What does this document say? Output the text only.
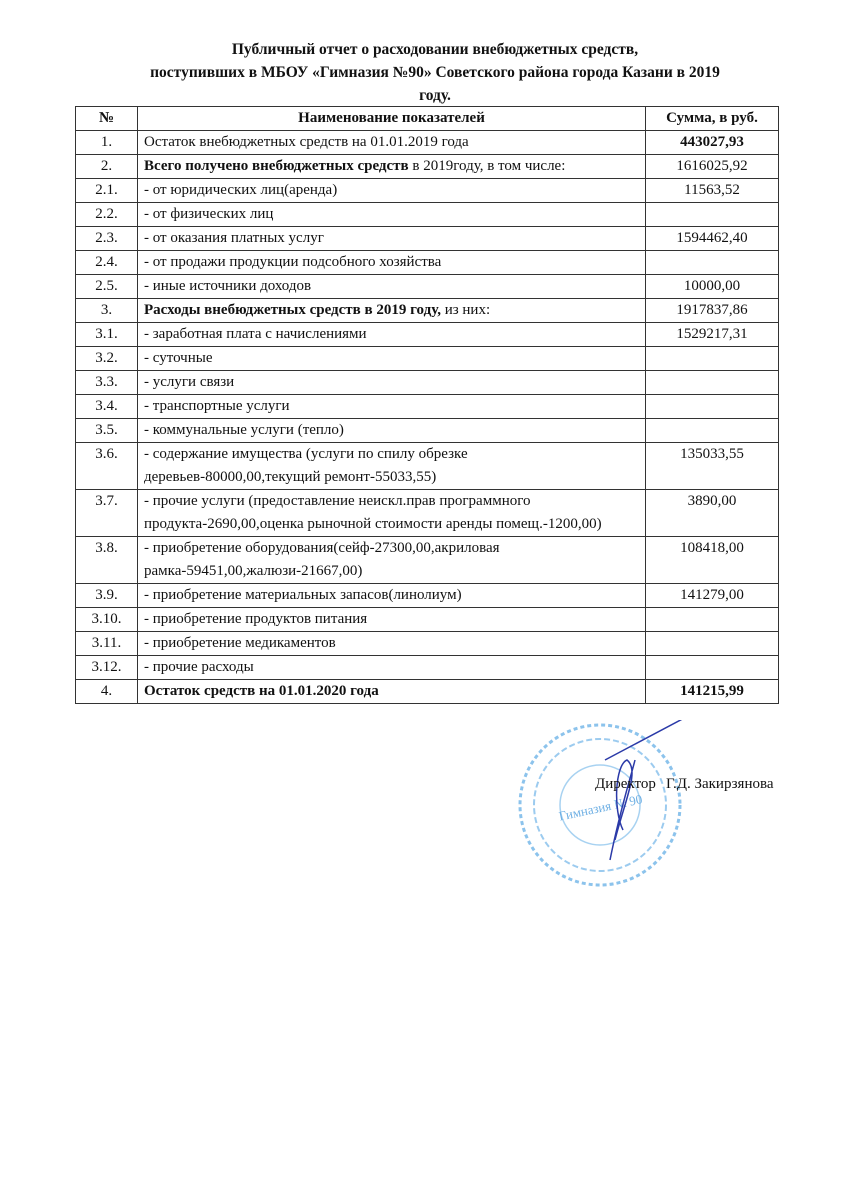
Публичный отчет о расходовании внебюджетных средств,
поступивших в МБОУ «Гимназия №90» Советского района города Казани в 2019
году.
№	Наименование показателей	Сумма, в руб.
1.	Остаток внебюджетных средств на 01.01.2019 года	443027,93
2.	Всего получено внебюджетных средств в 2019году, в том числе:	1616025,92
2.1.	- от юридических лиц(аренда)	11563,52
2.2.	- от физических лиц	
2.3.	- от оказания платных услуг	1594462,40
2.4.	- от продажи продукции подсобного хозяйства	
2.5.	- иные источники доходов	10000,00
3.	Расходы внебюджетных средств в 2019 году, из них:	1917837,86
3.1.	- заработная плата с начислениями	1529217,31
3.2.	- суточные	
3.3.	- услуги связи	
3.4.	- транспортные услуги	
3.5.	- коммунальные услуги (тепло)	
3.6.	- содержание имущества (услуги по спилу обрезке деревьев-80000,00,текущий ремонт-55033,55)	135033,55
3.7.	- прочие услуги (предоставление неискл.прав программного продукта-2690,00,оценка рыночной стоимости аренды помещ.-1200,00)	3890,00
3.8.	- приобретение оборудования(сейф-27300,00,акриловая рамка-59451,00,жалюзи-21667,00)	108418,00
3.9.	- приобретение материальных запасов(линолиум)	141279,00
3.10.	- приобретение продуктов питания	
3.11.	- приобретение медикаментов	
3.12.	- прочие расходы	
4.	Остаток средств на 01.01.2020 года	141215,99
Гимназия № 90
Директор Г.Д. Закирзянова
